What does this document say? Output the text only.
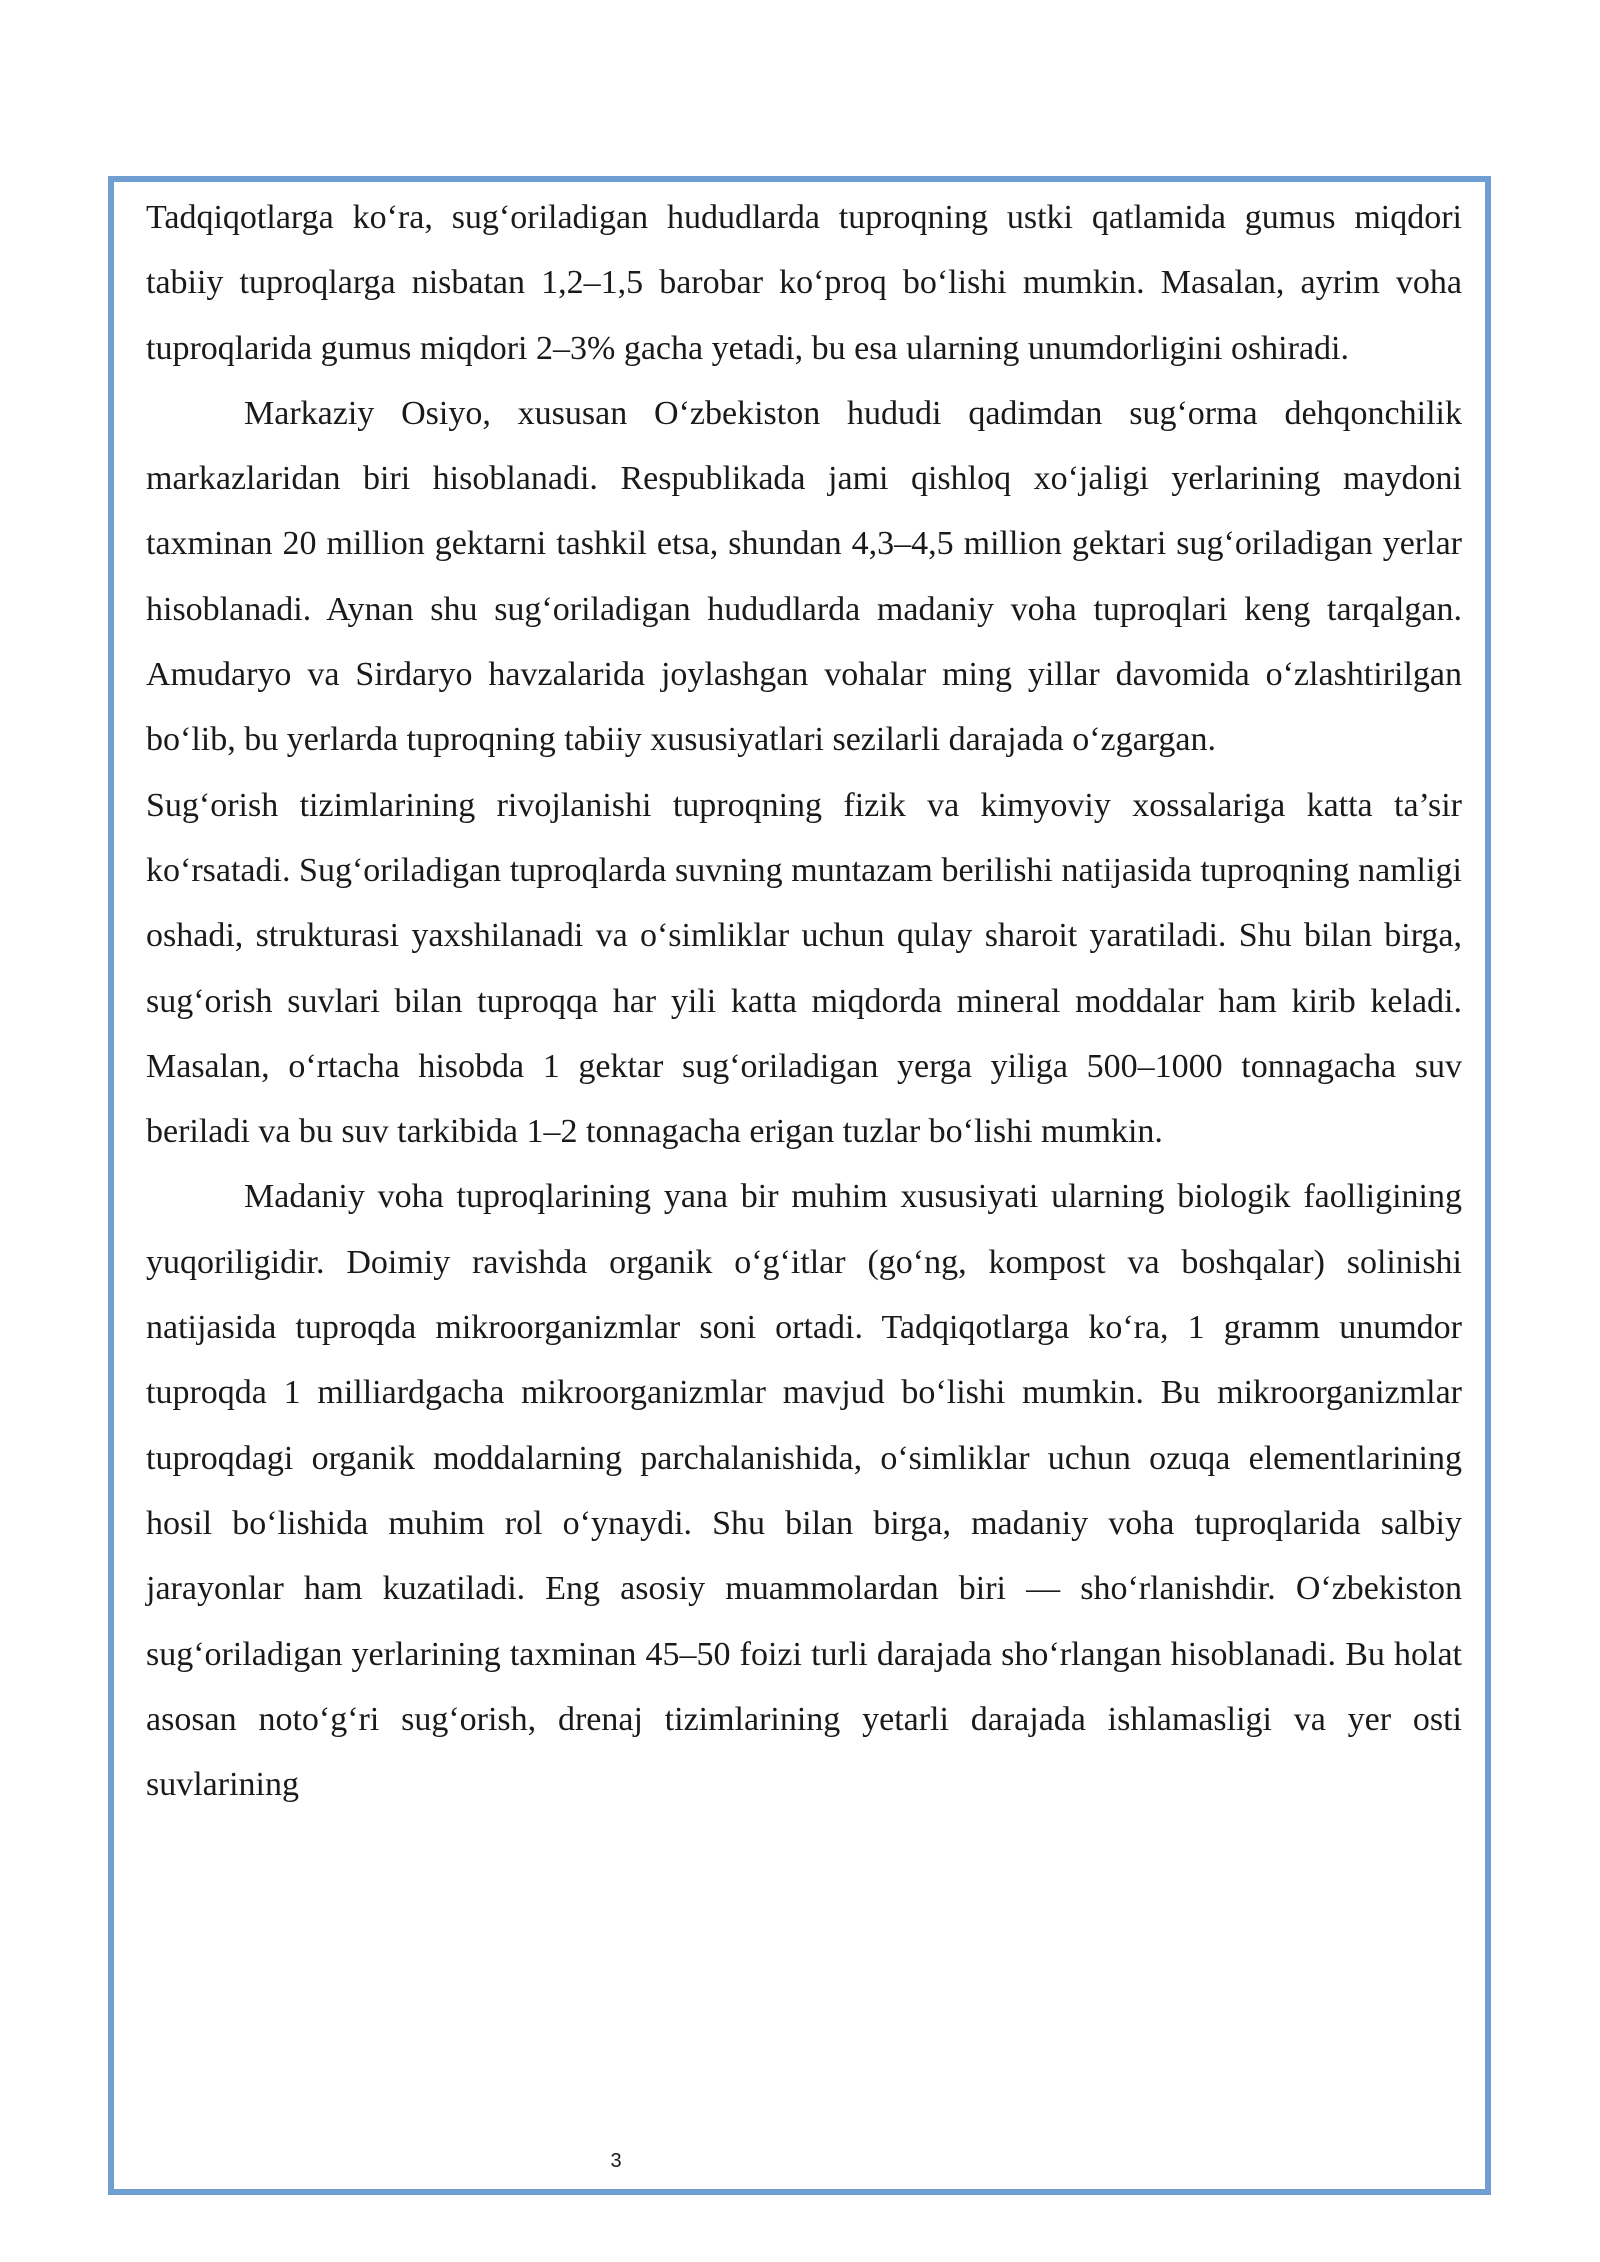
Tadqiqotlarga ko‘ra, sug‘oriladigan hududlarda tuproqning ustki qatlamida gumus miqdori tabiiy tuproqlarga nisbatan 1,2–1,5 barobar ko‘proq bo‘lishi mumkin. Masalan, ayrim voha tuproqlarida gumus miqdori 2–3% gacha yetadi, bu esa ularning unumdorligini oshiradi.

Markaziy Osiyo, xususan O‘zbekiston hududi qadimdan sug‘orma dehqonchilik markazlaridan biri hisoblanadi. Respublikada jami qishloq xo‘jaligi yerlarining maydoni taxminan 20 million gektarni tashkil etsa, shundan 4,3–4,5 million gektari sug‘oriladigan yerlar hisoblanadi. Aynan shu sug‘oriladigan hududlarda madaniy voha tuproqlari keng tarqalgan. Amudaryo va Sirdaryo havzalarida joylashgan vohalar ming yillar davomida o‘zlashtirilgan bo‘lib, bu yerlarda tuproqning tabiiy xususiyatlari sezilarli darajada o‘zgargan.

Sug‘orish tizimlarining rivojlanishi tuproqning fizik va kimyoviy xossalariga katta ta’sir ko‘rsatadi. Sug‘oriladigan tuproqlarda suvning muntazam berilishi natijasida tuproqning namligi oshadi, strukturasi yaxshilanadi va o‘simliklar uchun qulay sharoit yaratiladi. Shu bilan birga, sug‘orish suvlari bilan tuproqqa har yili katta miqdorda mineral moddalar ham kirib keladi. Masalan, o‘rtacha hisobda 1 gektar sug‘oriladigan yerga yiliga 500–1000 tonnagacha suv beriladi va bu suv tarkibida 1–2 tonnagacha erigan tuzlar bo‘lishi mumkin.

Madaniy voha tuproqlarining yana bir muhim xususiyati ularning biologik faolligining yuqoriligidir. Doimiy ravishda organik o‘g‘itlar (go‘ng, kompost va boshqalar) solinishi natijasida tuproqda mikroorganizmlar soni ortadi. Tadqiqotlarga ko‘ra, 1 gramm unumdor tuproqda 1 milliardgacha mikroorganizmlar mavjud bo‘lishi mumkin. Bu mikroorganizmlar tuproqdagi organik moddalarning parchalanishida, o‘simliklar uchun ozuqa elementlarining hosil bo‘lishida muhim rol o‘ynaydi. Shu bilan birga, madaniy voha tuproqlarida salbiy jarayonlar ham kuzatiladi. Eng asosiy muammolardan biri — sho‘rlanishdir. O‘zbekiston sug‘oriladigan yerlarining taxminan 45–50 foizi turli darajada sho‘rlangan hisoblanadi. Bu holat asosan noto‘g‘ri sug‘orish, drenaj tizimlarining yetarli darajada ishlamasligi va yer osti suvlarining

3
